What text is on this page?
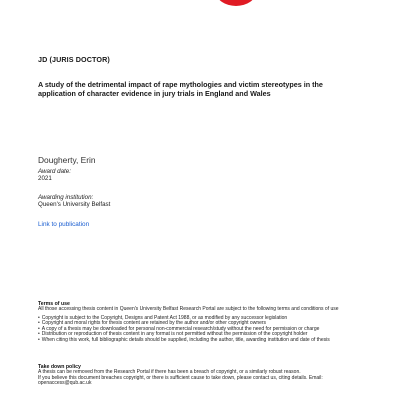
JD (JURIS DOCTOR)
A study of the detrimental impact of rape mythologies and victim stereotypes in the
application of character evidence in jury trials in England and Wales
Dougherty, Erin
Award date:
2021
Awarding institution:
Queen's University Belfast
Link to publication
Terms of use
All those accessing thesis content in Queen's University Belfast Research Portal are subject to the following terms and conditions of use
• Copyright is subject to the Copyright, Designs and Patent Act 1988, or as modified by any successor legislation
• Copyright and moral rights for thesis content are retained by the author and/or other copyright owners
• A copy of a thesis may be downloaded for personal non-commercial research/study without the need for permission or charge
• Distribution or reproduction of thesis content in any format is not permitted without the permission of the copyright holder
• When citing this work, full bibliographic details should be supplied, including the author, title, awarding institution and date of thesis
Take down policy
A thesis can be removed from the Research Portal if there has been a breach of copyright, or a similarly robust reason.
If you believe this document breaches copyright, or there is sufficient cause to take down, please contact us, citing details. Email:
openaccess@qub.ac.uk
